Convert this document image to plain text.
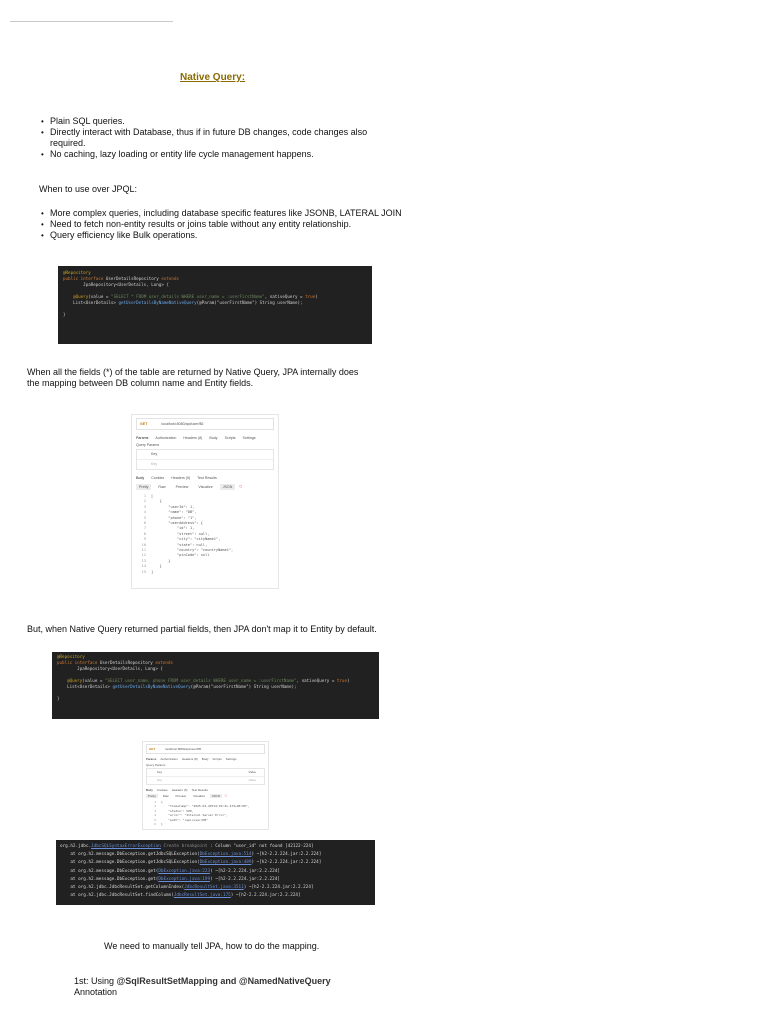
Native Query:
• Plain SQL queries.
• Directly interact with Database, thus if in future DB changes, code changes also required.
• No caching, lazy loading or entity life cycle management happens.
When to use over JPQL:
• More complex queries, including database specific features like JSONB, LATERAL JOIN
• Need to fetch non-entity results or joins table without any entity relationship.
• Query efficiency like Bulk operations.
@Repository
public interface UserDetailsRepository extends
JpaRepository<UserDetails, Long> {

@Query(value = "SELECT * FROM user_details WHERE user_name = :userFirstName", nativeQuery = true)
List<UserDetails> getUserDetailsByNameNativeQuery(@Param("userFirstName") String userName);

}
When all the fields (*) of the table are returned by Native Query, JPA internally does the mapping between DB column name and Entity fields.
GET	localhost:8080/api/user/$5
Params Authorization Headers (8) Body Scripts Settings
Query Params
Key
Key
Body Cookies Headers (5) Test Results
Pretty	Raw	Preview	Visualize	JSON ⛉
1 [
2    {
3        "userId": 1,
4        "name": "DB",
5        "phone": "1",
6        "userAddress": {
7            "id": 1,
8            "street": null,
9            "city": "cityName1",
10            "state": null,
11            "country": "countryName1",
12            "pinCode": null
13        }
14    }
15 ]
But, when Native Query returned partial fields, then JPA don't map it to Entity by default.
@Repository
public interface UserDetailsRepository extends
JpaRepository<UserDetails, Long> {

@Query(value = "SELECT user_name, phone FROM user_details WHERE user_name = :userFirstName", nativeQuery = true)
List<UserDetails> getUserDetailsByNameNativeQuery(@Param("userFirstName") String userName);

}
GET	localhost:8080/api/user/DB
Params Authorization Headers (8) Body Scripts Settings
Query Params
Key	Value
Key	Value
Body Cookies Headers (5) Test Results
Pretty Raw Preview Visualize JSON ⛉
1 {
2    "timestamp": "2025-04-20T14:20:41.472+00:00",
3    "status": 500,
4    "error": "Internal Server Error",
5    "path": "/api/user/DB"
6 }
org.h2.jdbc.JdbcSQLSyntaxErrorException Create breakpoint : Column "user_id" not found [42122-224]
at org.h2.message.DbException.getJdbcSQLException(DbException.java:514) ~[h2-2.2.224.jar:2.2.224]
at org.h2.message.DbException.getJdbcSQLException(DbException.java:489) ~[h2-2.2.224.jar:2.2.224]
at org.h2.message.DbException.get(DbException.java:223) ~[h2-2.2.224.jar:2.2.224]
at org.h2.message.DbException.get(DbException.java:199) ~[h2-2.2.224.jar:2.2.224]
at org.h2.jdbc.JdbcResultSet.getColumnIndex(JdbcResultSet.java:3511) ~[h2-2.2.224.jar:2.2.224]
at org.h2.jdbc.JdbcResultSet.findColumn(JdbcResultSet.java:175) ~[h2-2.2.224.jar:2.2.224]
We need to manually tell JPA, how to do the mapping.
1st: Using @SqlResultSetMapping and @NamedNativeQuery
Annotation
